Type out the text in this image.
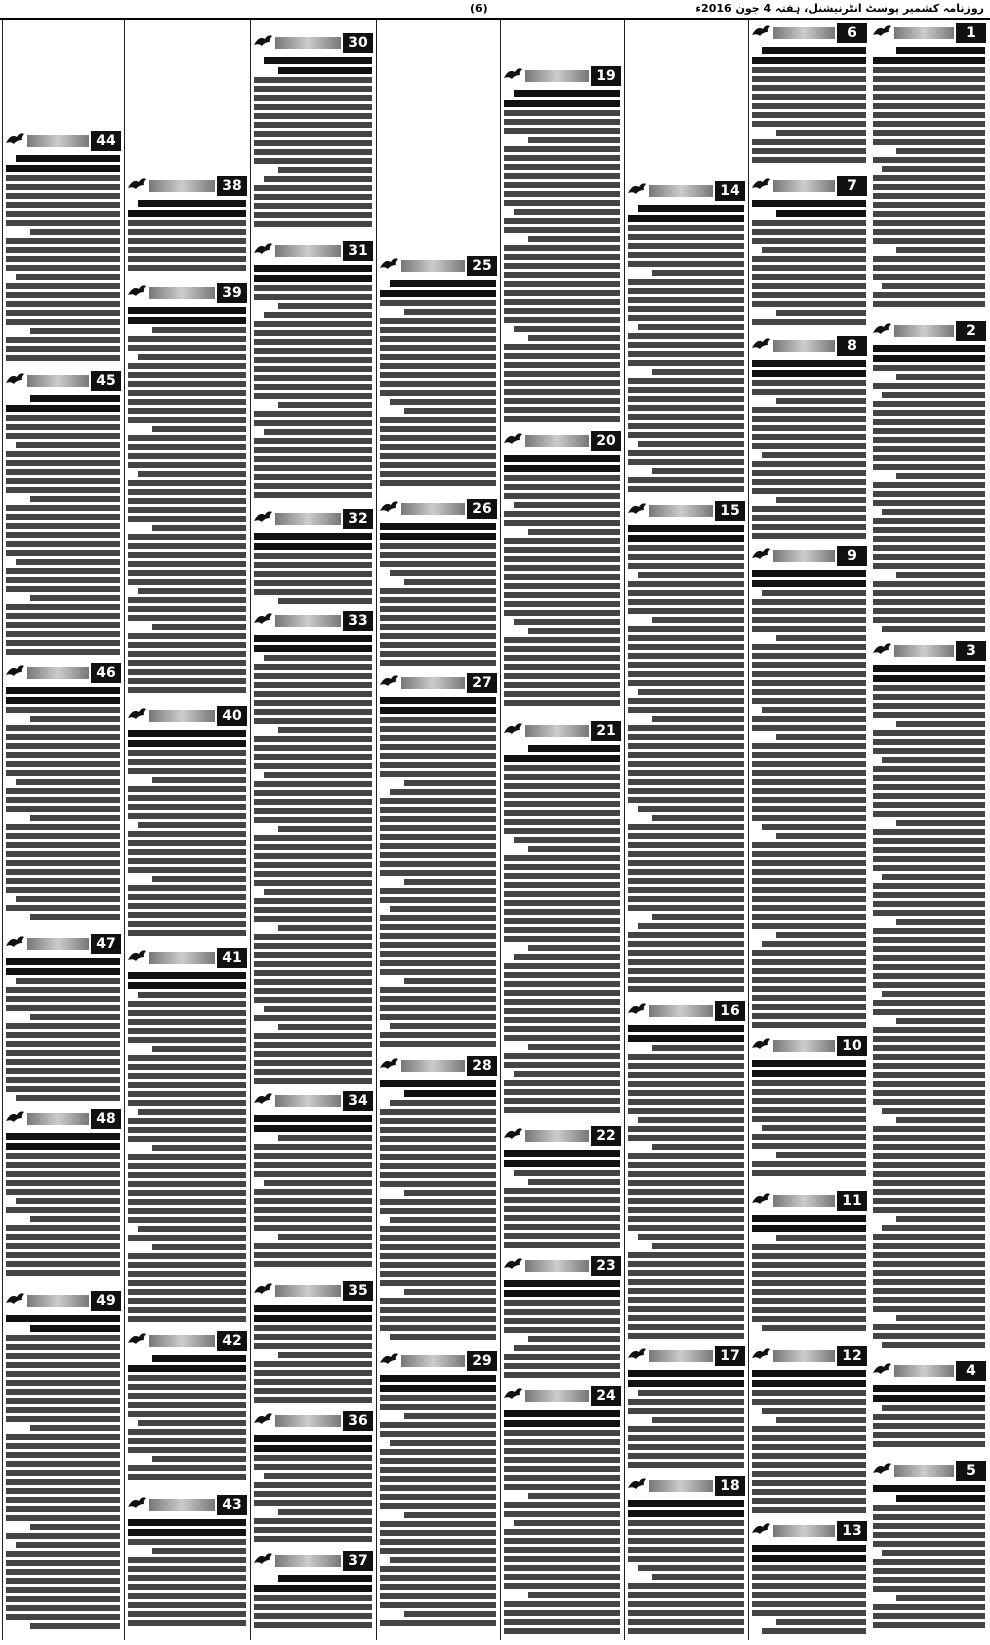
(6)	روزنامہ کشمیر پوسٹ انٹرنیشنل، ہفتہ 4 جون 2016ء
1
2
3
4
5
6
7
8
9
10
11
12
13
14
15
16
17
18
19
20
21
22
23
24
25
26
27
28
29
30
31
32
33
34
35
36
37
38
39
40
41
42
43
44
45
46
47
48
49
